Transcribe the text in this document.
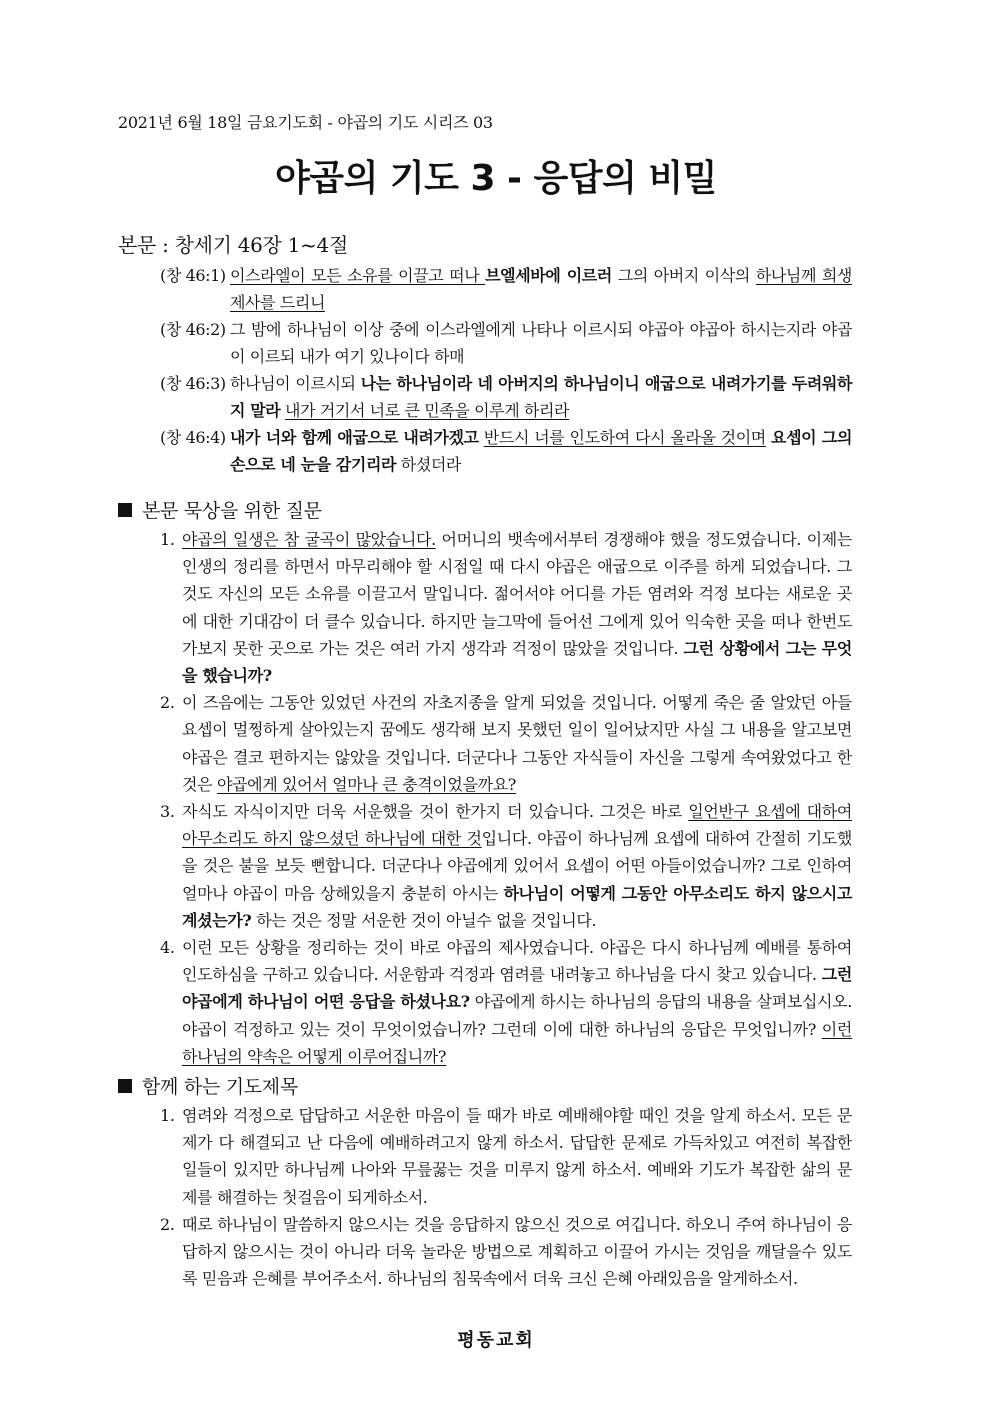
2021년 6월 18일 금요기도회 - 야곱의 기도 시리즈 03
야곱의 기도 3 - 응답의 비밀
본문 : 창세기 46장 1~4절
(창 46:1) 이스라엘이 모든 소유를 이끌고 떠나 브엘세바에 이르러 그의 아버지 이삭의 하나님께 희생제사를 드리니
(창 46:2) 그 밤에 하나님이 이상 중에 이스라엘에게 나타나 이르시되 야곱아 야곱아 하시는지라 야곱이 이르되 내가 여기 있나이다 하매
(창 46:3) 하나님이 이르시되 나는 하나님이라 네 아버지의 하나님이니 애굽으로 내려가기를 두려워하지 말라 내가 거기서 너로 큰 민족을 이루게 하리라
(창 46:4) 내가 너와 함께 애굽으로 내려가겠고 반드시 너를 인도하여 다시 올라올 것이며 요셉이 그의 손으로 네 눈을 감기리라 하셨더라
본문 묵상을 위한 질문
1. 야곱의 일생은 참 굴곡이 많았습니다. 어머니의 뱃속에서부터 경쟁해야 했을 정도였습니다. 이제는 인생의 정리를 하면서 마무리해야 할 시점일 때 다시 야곱은 애굽으로 이주를 하게 되었습니다. 그것도 자신의 모든 소유를 이끌고서 말입니다. 젊어서야 어디를 가든 염려와 걱정 보다는 새로운 곳에 대한 기대감이 더 클수 있습니다. 하지만 늘그막에 들어선 그에게 있어 익숙한 곳을 떠나 한번도 가보지 못한 곳으로 가는 것은 여러 가지 생각과 걱정이 많았을 것입니다. 그런 상황에서 그는 무엇을 했습니까?
2. 이 즈음에는 그동안 있었던 사건의 자초지종을 알게 되었을 것입니다. 어떻게 죽은 줄 알았던 아들 요셉이 멀쩡하게 살아있는지 꿈에도 생각해 보지 못했던 일이 일어났지만 사실 그 내용을 알고보면 야곱은 결코 편하지는 않았을 것입니다. 더군다나 그동안 자식들이 자신을 그렇게 속여왔었다고 한 것은 야곱에게 있어서 얼마나 큰 충격이었을까요?
3. 자식도 자식이지만 더욱 서운했을 것이 한가지 더 있습니다. 그것은 바로 일언반구 요셉에 대하여 아무소리도 하지 않으셨던 하나님에 대한 것입니다. 야곱이 하나님께 요셉에 대하여 간절히 기도했을 것은 불을 보듯 뻔합니다. 더군다나 야곱에게 있어서 요셉이 어떤 아들이었습니까? 그로 인하여 얼마나 야곱이 마음 상해있을지 충분히 아시는 하나님이 어떻게 그동안 아무소리도 하지 않으시고 계셨는가? 하는 것은 정말 서운한 것이 아닐수 없을 것입니다.
4. 이런 모든 상황을 정리하는 것이 바로 야곱의 제사였습니다. 야곱은 다시 하나님께 예배를 통하여 인도하심을 구하고 있습니다. 서운함과 걱정과 염려를 내려놓고 하나님을 다시 찾고 있습니다. 그런 야곱에게 하나님이 어떤 응답을 하셨나요? 야곱에게 하시는 하나님의 응답의 내용을 살펴보십시오. 야곱이 걱정하고 있는 것이 무엇이었습니까? 그런데 이에 대한 하나님의 응답은 무엇입니까? 이런 하나님의 약속은 어떻게 이루어집니까?
함께 하는 기도제목
1. 염려와 걱정으로 답답하고 서운한 마음이 들 때가 바로 예배해야할 때인 것을 알게 하소서. 모든 문제가 다 해결되고 난 다음에 예배하려고지 않게 하소서. 답답한 문제로 가득차있고 여전히 복잡한 일들이 있지만 하나님께 나아와 무릎꿇는 것을 미루지 않게 하소서. 예배와 기도가 복잡한 삶의 문제를 해결하는 첫걸음이 되게하소서.
2. 때로 하나님이 말씀하지 않으시는 것을 응답하지 않으신 것으로 여깁니다. 하오니 주여 하나님이 응답하지 않으시는 것이 아니라 더욱 놀라운 방법으로 계획하고 이끌어 가시는 것임을 깨달을수 있도록 믿음과 은혜를 부어주소서. 하나님의 침묵속에서 더욱 크신 은혜 아래있음을 알게하소서.
평동교회
